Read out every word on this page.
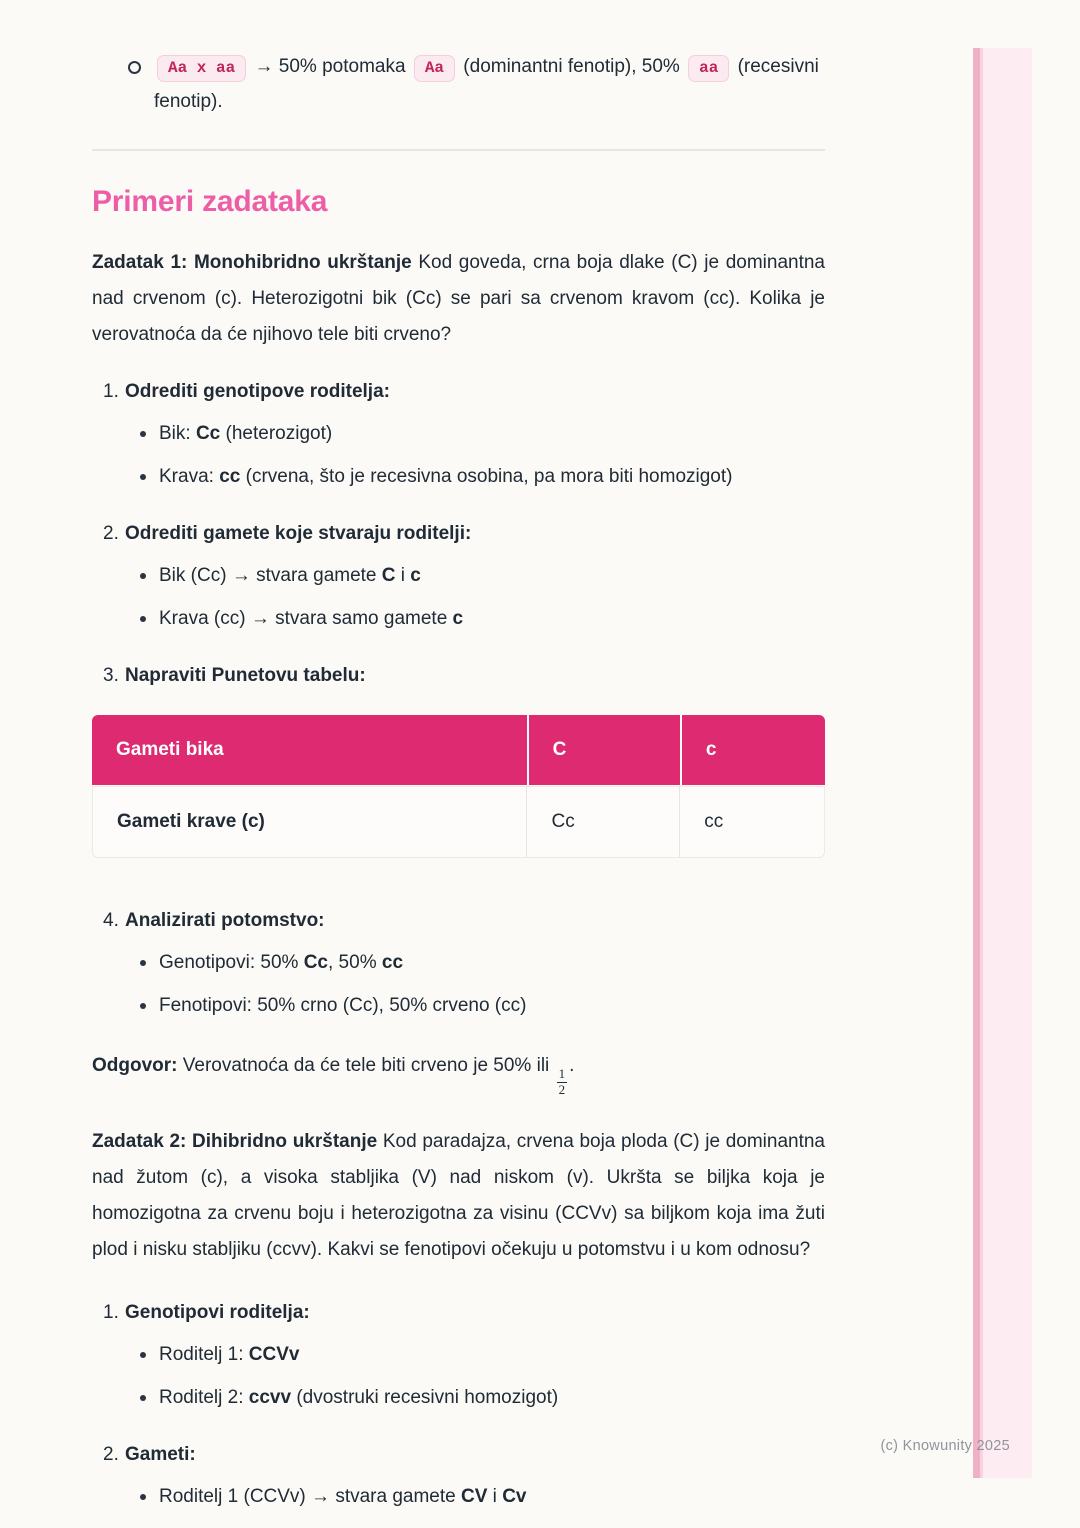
Aa x aa → 50% potomaka Aa (dominantni fenotip), 50% aa (recesivni fenotip).
Primeri zadataka

Zadatak 1: Monohibridno ukrštanje Kod goveda, crna boja dlake (C) je dominantna nad crvenom (c). Heterozigotni bik (Cc) se pari sa crvenom kravom (cc). Kolika je verovatnoća da će njihovo tele biti crveno?

1. Odrediti genotipove roditelja:
Bik: Cc (heterozigot)
Krava: cc (crvena, što je recesivna osobina, pa mora biti homozigot)
2. Odrediti gamete koje stvaraju roditelji:
Bik (Cc) → stvara gamete C i c
Krava (cc) → stvara samo gamete c
3. Napraviti Punetovu tabelu:
Gameti bika	C	c
Gameti krave (c)	Cc	cc
4. Analizirati potomstvo:
Genotipovi: 50% Cc, 50% cc
Fenotipovi: 50% crno (Cc), 50% crveno (cc)

Odgovor: Verovatnoća da će tele biti crveno je 50% ili
$\frac{1}{2}$
.

Zadatak 2: Dihibridno ukrštanje Kod paradajza, crvena boja ploda (C) je dominantna nad žutom (c), a visoka stabljika (V) nad niskom (v). Ukršta se biljka koja je homozigotna za crvenu boju i heterozigotna za visinu (CCVv) sa biljkom koja ima žuti plod i nisku stabljiku (ccvv). Kakvi se fenotipovi očekuju u potomstvu i u kom odnosu?

1. Genotipovi roditelja:
Roditelj 1: CCVv
Roditelj 2: ccvv (dvostruki recesivni homozigot)
2. Gameti:
Roditelj 1 (CCVv) → stvara gamete CV i Cv
(c) Knowunity 2025
